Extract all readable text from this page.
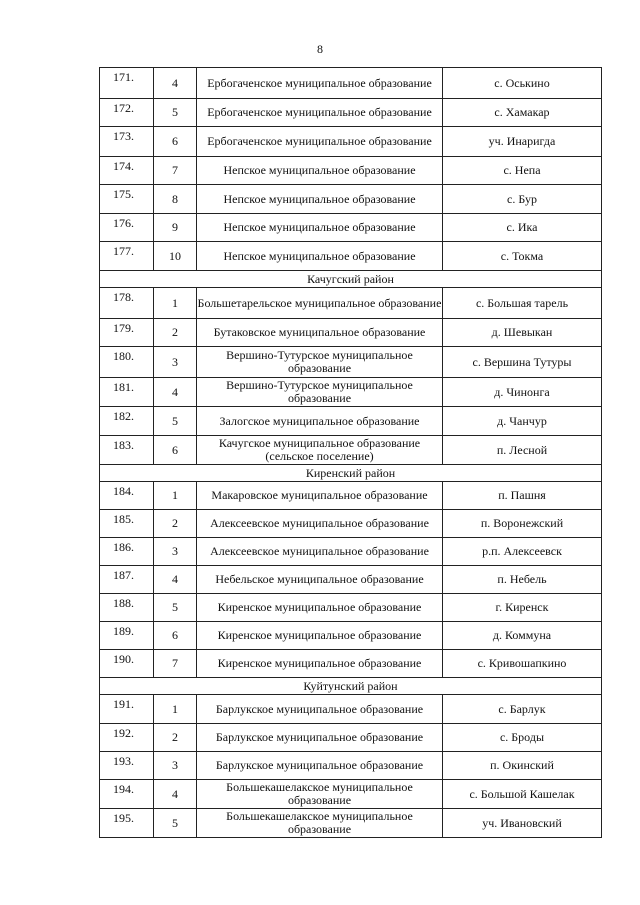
8
171.	4	Ербогаченское муниципальное образование	с. Оськино
172.	5	Ербогаченское муниципальное образование	с. Хамакар
173.	6	Ербогаченское муниципальное образование	уч. Инаригда
174.	7	Непское муниципальное образование	с. Непа
175.	8	Непское муниципальное образование	с. Бур
176.	9	Непское муниципальное образование	с. Ика
177.	10	Непское муниципальное образование	с. Токма
Качугский район			
178.	1	Большетарельское муниципальное образование	с. Большая тарель
179.	2	Бутаковское муниципальное образование	д. Шевыкан
180.	3	Вершино-Тутурское муниципальное образование	с. Вершина Тутуры
181.	4	Вершино-Тутурское муниципальное образование	д. Чинонга
182.	5	Залогское муниципальное образование	д. Чанчур
183.	6	Качугское муниципальное образование (сельское поселение)	п. Лесной
Киренский район			
184.	1	Макаровское муниципальное образование	п. Пашня
185.	2	Алексеевское муниципальное образование	п. Воронежский
186.	3	Алексеевское муниципальное образование	р.п. Алексеевск
187.	4	Небельское муниципальное образование	п. Небель
188.	5	Киренское муниципальное образование	г. Киренск
189.	6	Киренское муниципальное образование	д. Коммуна
190.	7	Киренское муниципальное образование	с. Кривошапкино
Куйтунский район			
191.	1	Барлукское муниципальное образование	с. Барлук
192.	2	Барлукское муниципальное образование	с. Броды
193.	3	Барлукское муниципальное образование	п. Окинский
194.	4	Большекашелакское муниципальное образование	с. Большой Кашелак
195.	5	Большекашелакское муниципальное образование	уч. Ивановский
